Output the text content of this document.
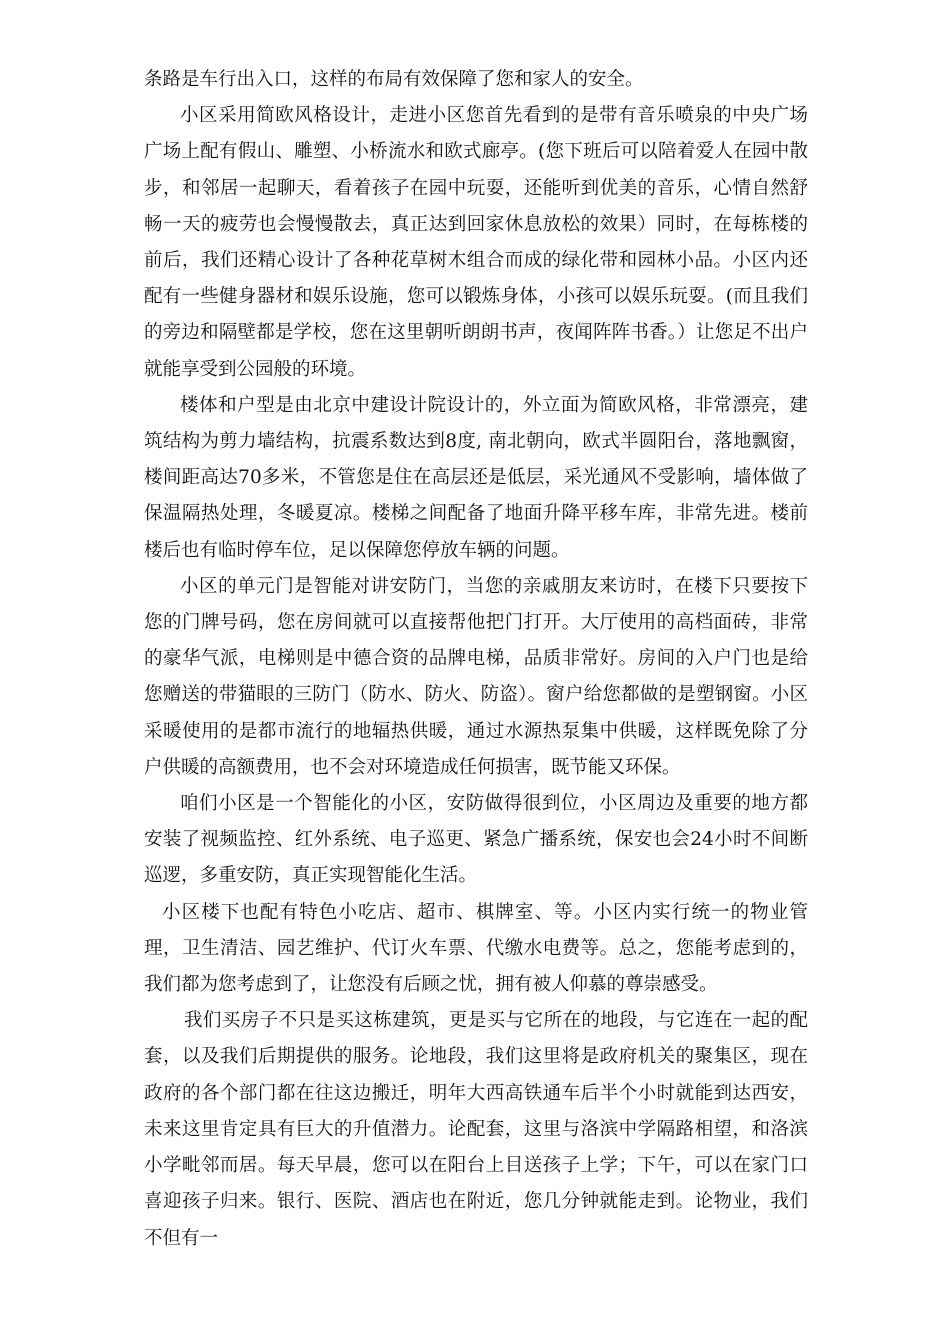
条路是车行出入口，这样的布局有效保障了您和家人的安全。

小区采用简欧风格设计，走进小区您首先看到的是带有音乐喷泉的中央广场广场上配有假山、雕塑、小桥流水和欧式廊亭。(您下班后可以陪着爱人在园中散步，和邻居一起聊天，看着孩子在园中玩耍，还能听到优美的音乐，心情自然舒畅一天的疲劳也会慢慢散去，真正达到回家休息放松的效果）同时，在每栋楼的前后，我们还精心设计了各种花草树木组合而成的绿化带和园林小品。小区内还配有一些健身器材和娱乐设施，您可以锻炼身体，小孩可以娱乐玩耍。(而且我们的旁边和隔壁都是学校，您在这里朝听朗朗书声，夜闻阵阵书香。）让您足不出户就能享受到公园般的环境。

楼体和户型是由北京中建设计院设计的，外立面为简欧风格，非常漂亮，建筑结构为剪力墙结构，抗震系数达到8度, 南北朝向，欧式半圆阳台，落地飘窗，楼间距高达70多米，不管您是住在高层还是低层，采光通风不受影响，墙体做了保温隔热处理，冬暖夏凉。楼梯之间配备了地面升降平移车库，非常先进。楼前楼后也有临时停车位，足以保障您停放车辆的问题。

小区的单元门是智能对讲安防门，当您的亲戚朋友来访时，在楼下只要按下您的门牌号码，您在房间就可以直接帮他把门打开。大厅使用的高档面砖，非常的豪华气派，电梯则是中德合资的品牌电梯，品质非常好。房间的入户门也是给您赠送的带猫眼的三防门（防水、防火、防盗）。窗户给您都做的是塑钢窗。小区采暖使用的是都市流行的地辐热供暖，通过水源热泵集中供暖，这样既免除了分户供暖的高额费用，也不会对环境造成任何损害，既节能又环保。

咱们小区是一个智能化的小区，安防做得很到位，小区周边及重要的地方都安装了视频监控、红外系统、电子巡更、紧急广播系统，保安也会24小时不间断巡逻，多重安防，真正实现智能化生活。

小区楼下也配有特色小吃店、超市、棋牌室、等。小区内实行统一的物业管理，卫生清洁、园艺维护、代订火车票、代缴水电费等。总之，您能考虑到的，我们都为您考虑到了，让您没有后顾之忧，拥有被人仰慕的尊崇感受。

我们买房子不只是买这栋建筑，更是买与它所在的地段，与它连在一起的配套，以及我们后期提供的服务。论地段，我们这里将是政府机关的聚集区，现在政府的各个部门都在往这边搬迁，明年大西高铁通车后半个小时就能到达西安，未来这里肯定具有巨大的升值潜力。论配套，这里与洛滨中学隔路相望，和洛滨小学毗邻而居。每天早晨，您可以在阳台上目送孩子上学；下午，可以在家门口喜迎孩子归来。银行、医院、酒店也在附近，您几分钟就能走到。论物业，我们不但有一
